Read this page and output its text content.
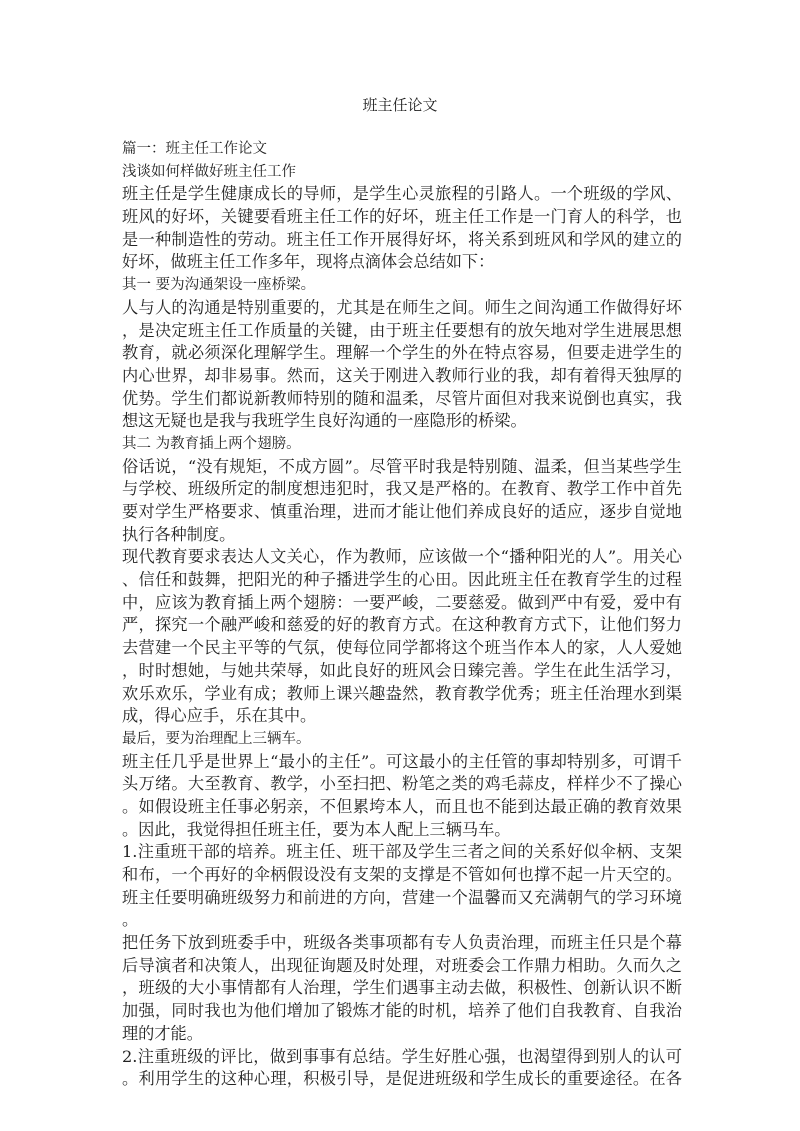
班主任论文
篇一：班主任工作论文
浅谈如何样做好班主任工作
班主任是学生健康成长的导师，是学生心灵旅程的引路人。一个班级的学风、
班风的好坏，关键要看班主任工作的好坏，班主任工作是一门育人的科学，也
是一种制造性的劳动。班主任工作开展得好坏，将关系到班风和学风的建立的
好坏，做班主任工作多年，现将点滴体会总结如下：
其一 要为沟通架设一座桥梁。
人与人的沟通是特别重要的，尤其是在师生之间。师生之间沟通工作做得好坏
，是决定班主任工作质量的关键，由于班主任要想有的放矢地对学生进展思想
教育，就必须深化理解学生。理解一个学生的外在特点容易，但要走进学生的
内心世界，却非易事。然而，这关于刚进入教师行业的我，却有着得天独厚的
优势。学生们都说新教师特别的随和温柔，尽管片面但对我来说倒也真实，我
想这无疑也是我与我班学生良好沟通的一座隐形的桥梁。
其二 为教育插上两个翅膀。
俗话说，“没有规矩，不成方圆”。尽管平时我是特别随、温柔，但当某些学生
与学校、班级所定的制度想违犯时，我又是严格的。在教育、教学工作中首先
要对学生严格要求、慎重治理，进而才能让他们养成良好的适应，逐步自觉地
执行各种制度。
现代教育要求表达人文关心，作为教师，应该做一个“播种阳光的人”。用关心
、信任和鼓舞，把阳光的种子播进学生的心田。因此班主任在教育学生的过程
中，应该为教育插上两个翅膀：一要严峻，二要慈爱。做到严中有爱，爱中有
严，探究一个融严峻和慈爱的好的教育方式。在这种教育方式下，让他们努力
去营建一个民主平等的气氛，使每位同学都将这个班当作本人的家，人人爱她
，时时想她，与她共荣辱，如此良好的班风会日臻完善。学生在此生活学习，
欢乐欢乐，学业有成；教师上课兴趣盎然，教育教学优秀；班主任治理水到渠
成，得心应手，乐在其中。
最后，要为治理配上三辆车。
班主任几乎是世界上“最小的主任”。可这最小的主任管的事却特别多，可谓千
头万绪。大至教育、教学，小至扫把、粉笔之类的鸡毛蒜皮，样样少不了操心
。如假设班主任事必躬亲，不但累垮本人，而且也不能到达最正确的教育效果
。因此，我觉得担任班主任，要为本人配上三辆马车。
1.注重班干部的培养。班主任、班干部及学生三者之间的关系好似伞柄、支架
和布，一个再好的伞柄假设没有支架的支撑是不管如何也撑不起一片天空的。
班主任要明确班级努力和前进的方向，营建一个温馨而又充满朝气的学习环境
。
把任务下放到班委手中，班级各类事项都有专人负责治理，而班主任只是个幕
后导演者和决策人，出现征询题及时处理，对班委会工作鼎力相助。久而久之
，班级的大小事情都有人治理，学生们遇事主动去做，积极性、创新认识不断
加强，同时我也为他们增加了锻炼才能的时机，培养了他们自我教育、自我治
理的才能。
2.注重班级的评比，做到事事有总结。学生好胜心强，也渴望得到别人的认可
。利用学生的这种心理，积极引导，是促进班级和学生成长的重要途径。在各
